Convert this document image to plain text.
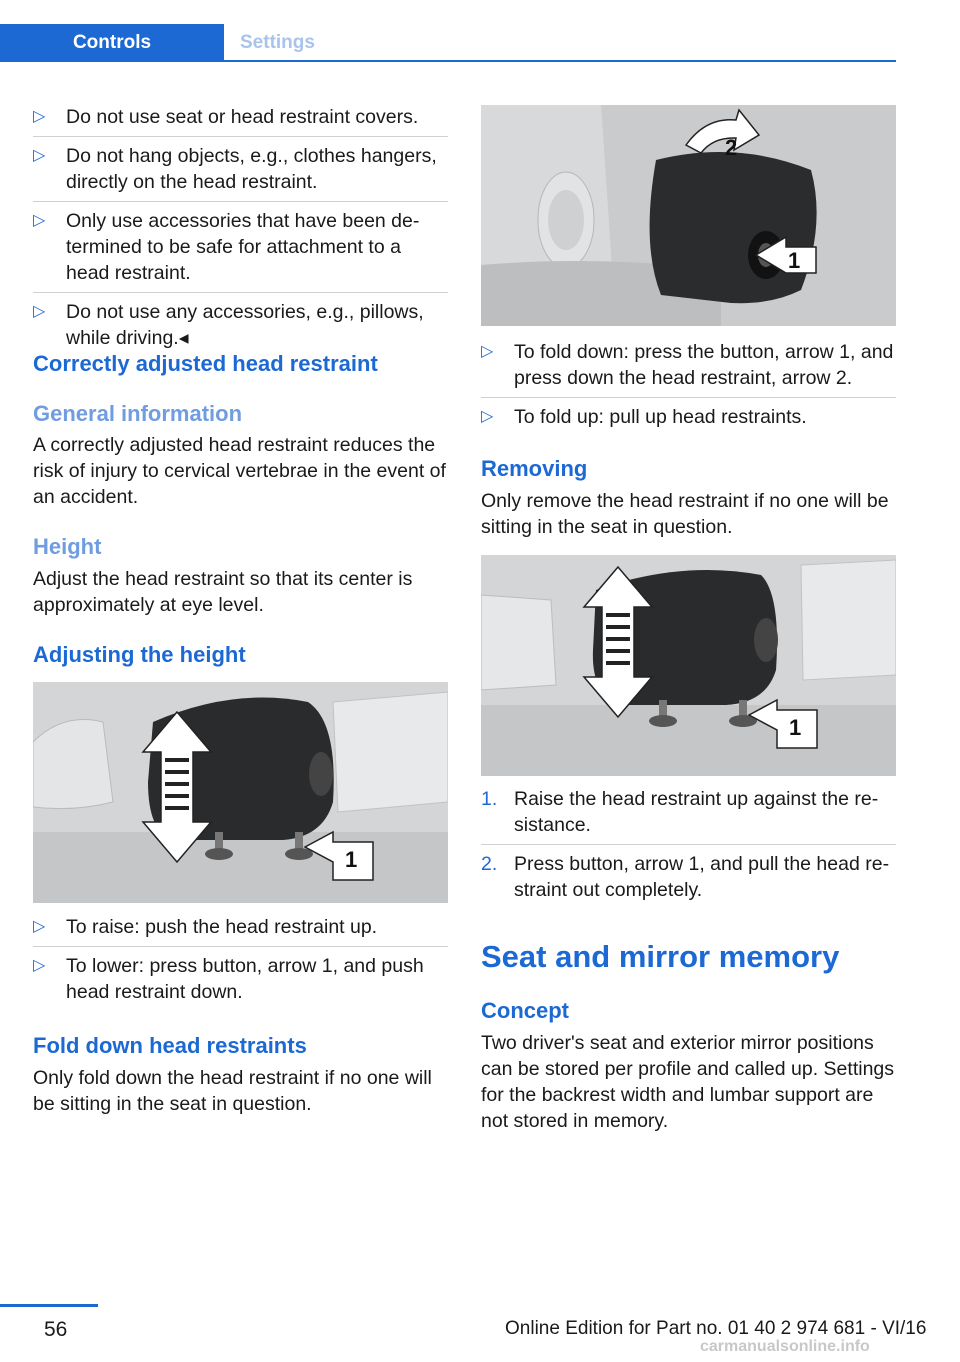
Controls	Settings
▷ Do not use seat or head restraint covers.
▷ Do not hang objects, e.g., clothes hangers, directly on the head restraint.
▷ Only use accessories that have been determined to be safe for attachment to a head restraint.
▷ Do not use any accessories, e.g., pillows, while driving.◂
Correctly adjusted head restraint
General information
A correctly adjusted head restraint reduces the risk of injury to cervical vertebrae in the event of an accident.
Height
Adjust the head restraint so that its center is approximately at eye level.
Adjusting the height
▷ To raise: push the head restraint up.
▷ To lower: press button, arrow 1, and push head restraint down.
Fold down head restraints
Only fold down the head restraint if no one will be sitting in the seat in question.
1
2
1
▷ To fold down: press the button, arrow 1, and press down the head restraint, arrow 2.
▷ To fold up: pull up head restraints.
Removing
Only remove the head restraint if no one will be sitting in the seat in question.
1. Raise the head restraint up against the resistance.
2. Press button, arrow 1, and pull the head restraint out completely.
Seat and mirror memory
Concept
Two driver's seat and exterior mirror positions can be stored per profile and called up. Settings for the backrest width and lumbar support are not stored in memory.
1
56	Online Edition for Part no. 01 40 2 974 681 - VI/16
carmanualsonline.info
